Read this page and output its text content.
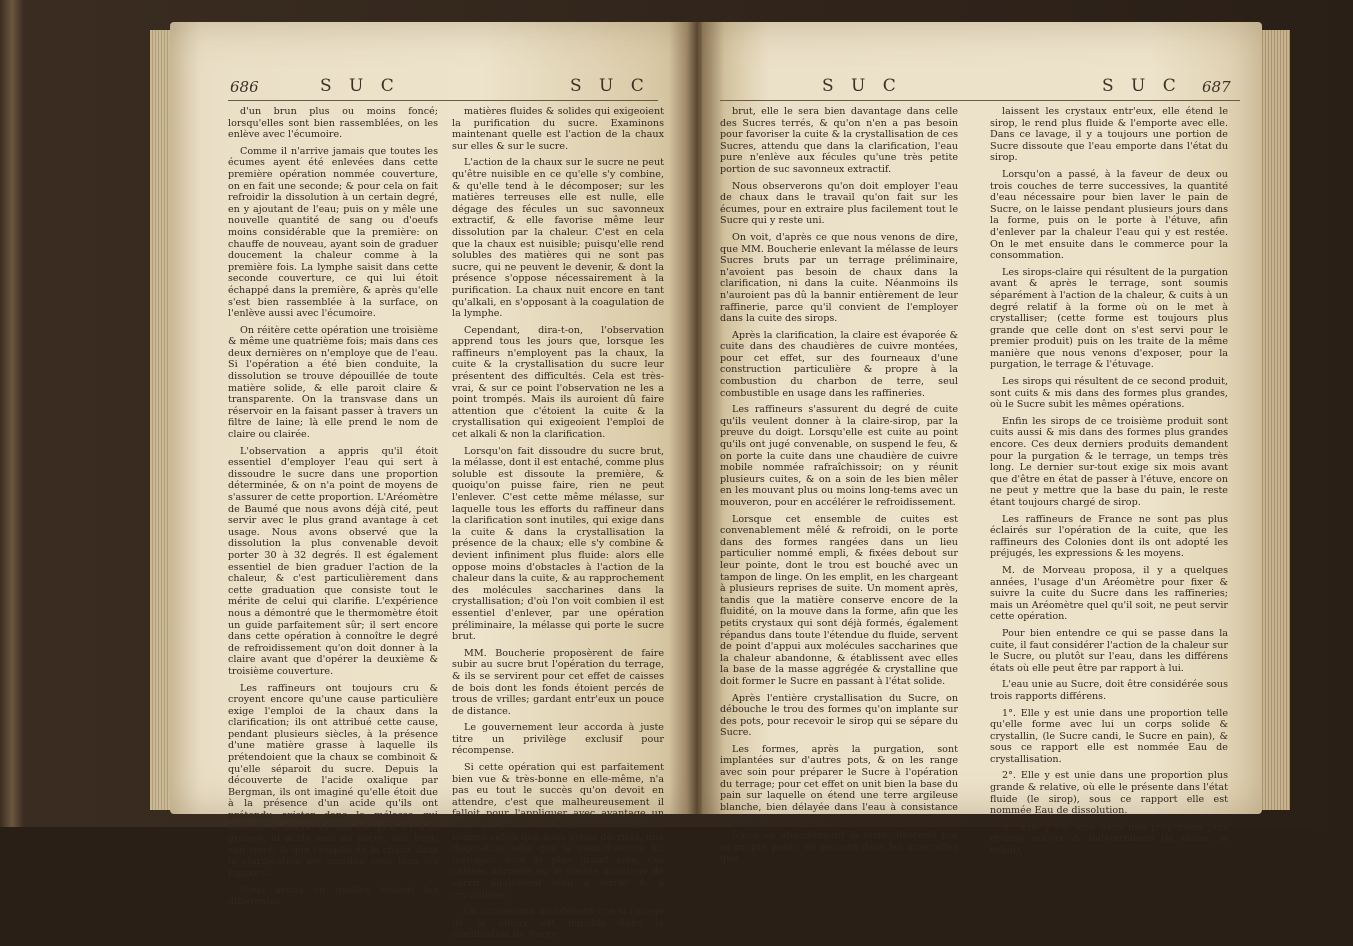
686	S U C	S U C

d'un brun plus ou moins foncé; lorsqu'elles sont bien rassemblées, on les enlève avec l'écumoire.

Comme il n'arrive jamais que toutes les écumes ayent été enlevées dans cette première opération nommée couverture, on en fait une seconde; & pour cela on fait refroidir la dissolution à un certain degré, en y ajoutant de l'eau; puis on y mêle une nouvelle quantité de sang ou d'oeufs moins considérable que la première: on chauffe de nouveau, ayant soin de graduer doucement la chaleur comme à la première fois. La lymphe saisit dans cette seconde couverture, ce qui lui étoit échappé dans la première, & après qu'elle s'est bien rassemblée à la surface, on l'enlève aussi avec l'écumoire.

On réitère cette opération une troisième & même une quatrième fois; mais dans ces deux dernières on n'employe que de l'eau. Si l'opération a été bien conduite, la dissolution se trouve dépouillée de toute matière solide, & elle paroit claire & transparente. On la transvase dans un réservoir en la faisant passer à travers un filtre de laine; là elle prend le nom de claire ou clairée.

L'observation a appris qu'il étoit essentiel d'employer l'eau qui sert à dissoudre le sucre dans une proportion déterminée, & on n'a point de moyens de s'assurer de cette proportion. L'Aréomètre de Baumé que nous avons déjà cité, peut servir avec le plus grand avantage à cet usage. Nous avons observé que la dissolution la plus convenable devoit porter 30 à 32 degrés. Il est également essentiel de bien graduer l'action de la chaleur, & c'est particulièrement dans cette graduation que consiste tout le mérite de celui qui clarifie. L'expérience nous a démontré que le thermomètre étoit un guide parfaitement sûr; il sert encore dans cette opération à connoître le degré de refroidissement qu'on doit donner à la claire avant que d'opérer la deuxième & troisième couverture.

Les raffineurs ont toujours cru & croyent encore qu'une cause particulière exige l'emploi de la chaux dans la clarification; ils ont attribué cette cause, pendant plusieurs siècles, à la présence d'une matière grasse à laquelle ils prétendoient que la chaux se combinoit & qu'elle séparoit du sucre. Depuis la découverte de l'acide oxalique par Bergman, ils ont imaginé qu'elle étoit due à la présence d'un acide qu'ils ont prétendu exister dans la mélasse qui entache le sucre. Le fait est qu'il n'y a ni graisse, ni acide unis au sucre, soit brut, soit terré, & que l'emploi de la chaux dans la clarification est nuisible sous tous les rapports.

Nous avons vu quelles étoient les différentes

matières fluides & solides qui exigeoient la purification du sucre. Examinons maintenant quelle est l'action de la chaux sur elles & sur le sucre.

L'action de la chaux sur le sucre ne peut qu'être nuisible en ce qu'elle s'y combine, & qu'elle tend à le décomposer; sur les matières terreuses elle est nulle, elle dégage des fécules un suc savonneux extractif, & elle favorise même leur dissolution par la chaleur. C'est en cela que la chaux est nuisible; puisqu'elle rend solubles des matières qui ne sont pas sucre, qui ne peuvent le devenir, & dont la présence s'oppose nécessairement à la purification. La chaux nuit encore en tant qu'alkali, en s'opposant à la coagulation de la lymphe.

Cependant, dira-t-on, l'observation apprend tous les jours que, lorsque les raffineurs n'employent pas la chaux, la cuite & la crystallisation du sucre leur présentent des difficultés. Cela est très-vrai, & sur ce point l'observation ne les a point trompés. Mais ils auroient dû faire attention que c'étoient la cuite & la crystallisation qui exigeoient l'emploi de cet alkali & non la clarification.

Lorsqu'on fait dissoudre du sucre brut, la mélasse, dont il est entaché, comme plus soluble est dissoute la première, & quoiqu'on puisse faire, rien ne peut l'enlever. C'est cette même mélasse, sur laquelle tous les efforts du raffineur dans la clarification sont inutiles, qui exige dans la cuite & dans la crystallisation la présence de la chaux; elle s'y combine & devient infiniment plus fluide: alors elle oppose moins d'obstacles à l'action de la chaleur dans la cuite, & au rapprochement des molécules saccharines dans la crystallisation; d'où l'on voit combien il est essentiel d'enlever, par une opération préliminaire, la mélasse qui porte le sucre brut.

MM. Boucherie proposèrent de faire subir au sucre brut l'opération du terrage, & ils se servirent pour cet effet de caisses de bois dont les fonds étoient percés de trous de vrilles; gardant entr'eux un pouce de distance.

Le gouvernement leur accorda à juste titre un privilège exclusif pour récompense.

Si cette opération qui est parfaitement bien vue & très-bonne en elle-même, n'a pas eu tout le succès qu'on devoit en attendre, c'est que malheureusement il falloit pour l'appliquer avec avantage un local qui permit de donner à des caisses, comme celles que nous avons décrites, une disposition telle que la main-d'œuvre fut ménagée avec le plus grand soin, ces caisses auroient eu le double avantage de servir également bien à terrer & à crystalliser.

On conviendra maintenant que si l'usage de la chaux est nuisible dans la clarification du Sucre

S U C	S U C 687

brut, elle le sera bien davantage dans celle des Sucres terrés, & qu'on n'en a pas besoin pour favoriser la cuite & la crystallisation de ces Sucres, attendu que dans la clarification, l'eau pure n'enlève aux fécules qu'une très petite portion de suc savonneux extractif.

Nous observerons qu'on doit employer l'eau de chaux dans le travail qu'on fait sur les écumes, pour en extraire plus facilement tout le Sucre qui y reste uni.

On voit, d'après ce que nous venons de dire, que MM. Boucherie enlevant la mélasse de leurs Sucres bruts par un terrage préliminaire, n'avoient pas besoin de chaux dans la clarification, ni dans la cuite. Néanmoins ils n'auroient pas dû la bannir entièrement de leur raffinerie, parce qu'il convient de l'employer dans la cuite des sirops.

Après la clarification, la claire est évaporée & cuite dans des chaudières de cuivre montées, pour cet effet, sur des fourneaux d'une construction particulière & propre à la combustion du charbon de terre, seul combustible en usage dans les raffineries.

Les raffineurs s'assurent du degré de cuite qu'ils veulent donner à la claire-sirop, par la preuve du doigt. Lorsqu'elle est cuite au point qu'ils ont jugé convenable, on suspend le feu, & on porte la cuite dans une chaudière de cuivre mobile nommée rafraîchissoir; on y réunit plusieurs cuites, & on a soin de les bien mêler en les mouvant plus ou moins long-tems avec un mouveron, pour en accélérer le refroidissement.

Lorsque cet ensemble de cuites est convenablement mêlé & refroidi, on le porte dans des formes rangées dans un lieu particulier nommé empli, & fixées debout sur leur pointe, dont le trou est bouché avec un tampon de linge. On les emplit, en les chargeant à plusieurs reprises de suite. Un moment après, tandis que la matière conserve encore de la fluidité, on la mouve dans la forme, afin que les petits crystaux qui sont déjà formés, également répandus dans toute l'étendue du fluide, servent de point d'appui aux molécules saccharines que la chaleur abandonne, & établissent avec elles la base de la masse aggrégée & crystalline que doit former le Sucre en passant à l'état solide.

Après l'entière crystallisation du Sucre, on débouche le trou des formes qu'on implante sur des pots, pour recevoir le sirop qui se sépare du Sucre.

Les formes, après la purgation, sont implantées sur d'autres pots, & on les range avec soin pour préparer le Sucre à l'opération du terrage; pour cet effet on unit bien la base du pain sur laquelle on étend une terre argileuse blanche, bien délayée dans l'eau à consistance de bouillie.

L'eau en abandonnant la terre, descend par sa propre poids; en passant dans les intervalles que

laissent les crystaux entr'eux, elle étend le sirop, le rend plus fluide & l'emporte avec elle. Dans ce lavage, il y a toujours une portion de Sucre dissoute que l'eau emporte dans l'état du sirop.

Lorsqu'on a passé, à la faveur de deux ou trois couches de terre successives, la quantité d'eau nécessaire pour bien laver le pain de Sucre, on le laisse pendant plusieurs jours dans la forme, puis on le porte à l'étuve, afin d'enlever par la chaleur l'eau qui y est restée. On le met ensuite dans le commerce pour la consommation.

Les sirops-claire qui résultent de la purgation avant & après le terrage, sont soumis séparément à l'action de la chaleur, & cuits à un degré relatif à la forme où on le met à crystalliser; (cette forme est toujours plus grande que celle dont on s'est servi pour le premier produit) puis on les traite de la même manière que nous venons d'exposer, pour la purgation, le terrage & l'étuvage.

Les sirops qui résultent de ce second produit, sont cuits & mis dans des formes plus grandes, où le Sucre subit les mêmes opérations.

Enfin les sirops de ce troisième produit sont cuits aussi & mis dans des formes plus grandes encore. Ces deux derniers produits demandent pour la purgation & le terrage, un temps très long. Le dernier sur-tout exige six mois avant que d'être en état de passer à l'étuve, encore on ne peut y mettre que la base du pain, le reste étant toujours chargé de sirop.

Les raffineurs de France ne sont pas plus éclairés sur l'opération de la cuite, que les raffineurs des Colonies dont ils ont adopté les préjugés, les expressions & les moyens.

M. de Morveau proposa, il y a quelques années, l'usage d'un Aréomètre pour fixer & suivre la cuite du Sucre dans les raffineries; mais un Aréomètre quel qu'il soit, ne peut servir cette opération.

Pour bien entendre ce qui se passe dans la cuite, il faut considérer l'action de la chaleur sur le Sucre, ou plutôt sur l'eau, dans les différens états où elle peut être par rapport à lui.

L'eau unie au Sucre, doit être considérée sous trois rapports différens.

1°. Elle y est unie dans une proportion telle qu'elle forme avec lui un corps solide & crystallin, (le Sucre candi, le Sucre en pain), & sous ce rapport elle est nommée Eau de crystallisation.

2°. Elle y est unie dans une proportion plus grande & relative, où elle le présente dans l'état fluide (le sirop), sous ce rapport elle est nommée Eau de dissolution.

3°. Elle y est unie dans une proportion plus grande encore & indéterminée (la claire, le velou),
